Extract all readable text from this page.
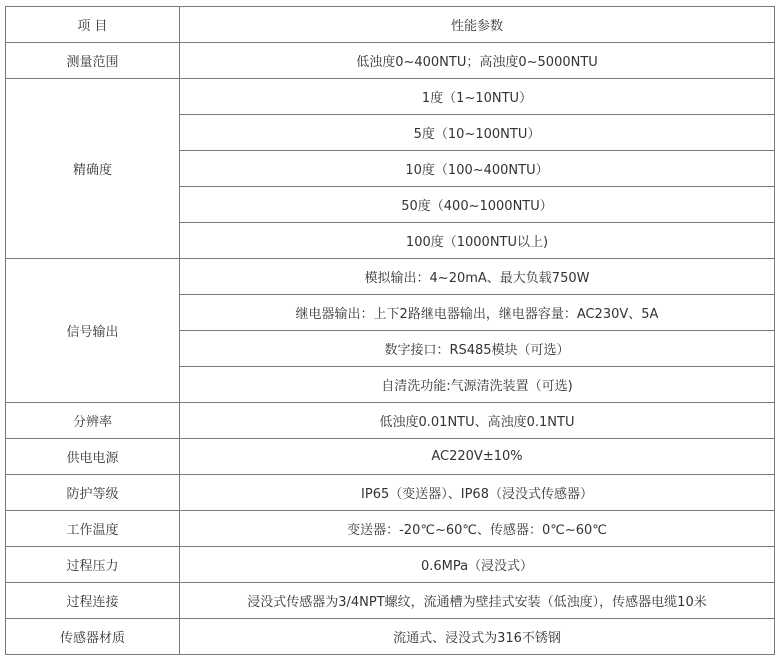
项 目	性能参数
测量范围	低浊度0~400NTU；高浊度0~5000NTU
精确度	1度（1~10NTU）
	5度（10~100NTU）
	10度（100~400NTU）
	50度（400~1000NTU）
	100度（1000NTU以上)
信号输出	模拟输出：4~20mA、最大负载750W
	继电器输出：上下2路继电器输出，继电器容量：AC230V、5A
	数字接口：RS485模块（可选）
	自清洗功能:气源清洗装置（可选)
分辨率	低浊度0.01NTU、高浊度0.1NTU
供电电源	AC220V±10%
防护等级	IP65（变送器）、IP68（浸没式传感器）
工作温度	变送器：-20℃~60℃、传感器：0℃~60℃
过程压力	0.6MPa（浸没式）
过程连接	浸没式传感器为3/4NPT螺纹，流通槽为壁挂式安装（低浊度），传感器电缆10米
传感器材质	流通式、浸没式为316不锈钢
